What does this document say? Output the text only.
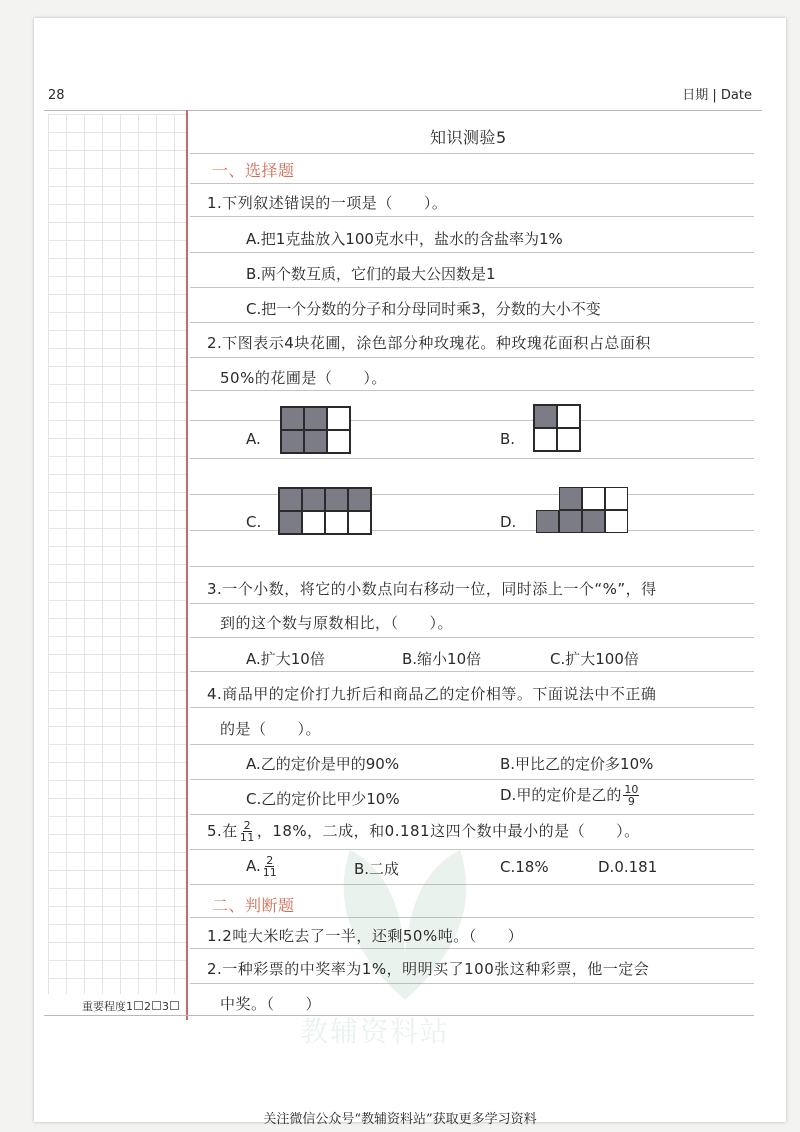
28	日期 | Date
知识测验5
一、选择题
1.下列叙述错误的一项是（　　）。
A.把1克盐放入100克水中，盐水的含盐率为1%
B.两个数互质，它们的最大公因数是1
C.把一个分数的分子和分母同时乘3，分数的大小不变
2.下图表示4块花圃，涂色部分种玫瑰花。种玫瑰花面积占总面积
50%的花圃是（　　）。
A.	B.
C.	D.
3.一个小数，将它的小数点向右移动一位，同时添上一个“%”，得
到的这个数与原数相比，（　　）。
A.扩大10倍	B.缩小10倍	C.扩大100倍
4.商品甲的定价打九折后和商品乙的定价相等。下面说法中不正确
的是（　　）。
A.乙的定价是甲的90%	B.甲比乙的定价多10%
C.乙的定价比甲少10%	D.甲的定价是乙的 $\frac{10}{9}$
5.在 $\frac{2}{11}$ ，18%，二成，和0.181这四个数中最小的是（　　）。
A. $\frac{2}{11}$	B.二成	C.18%	D.0.181
二、判断题
1.2吨大米吃去了一半，还剩50%吨。（　　）
2.一种彩票的中奖率为1%，明明买了100张这种彩票，他一定会
中奖。（　　）
重要程度1 2 3
关注微信公众号“教辅资料站”获取更多学习资料
